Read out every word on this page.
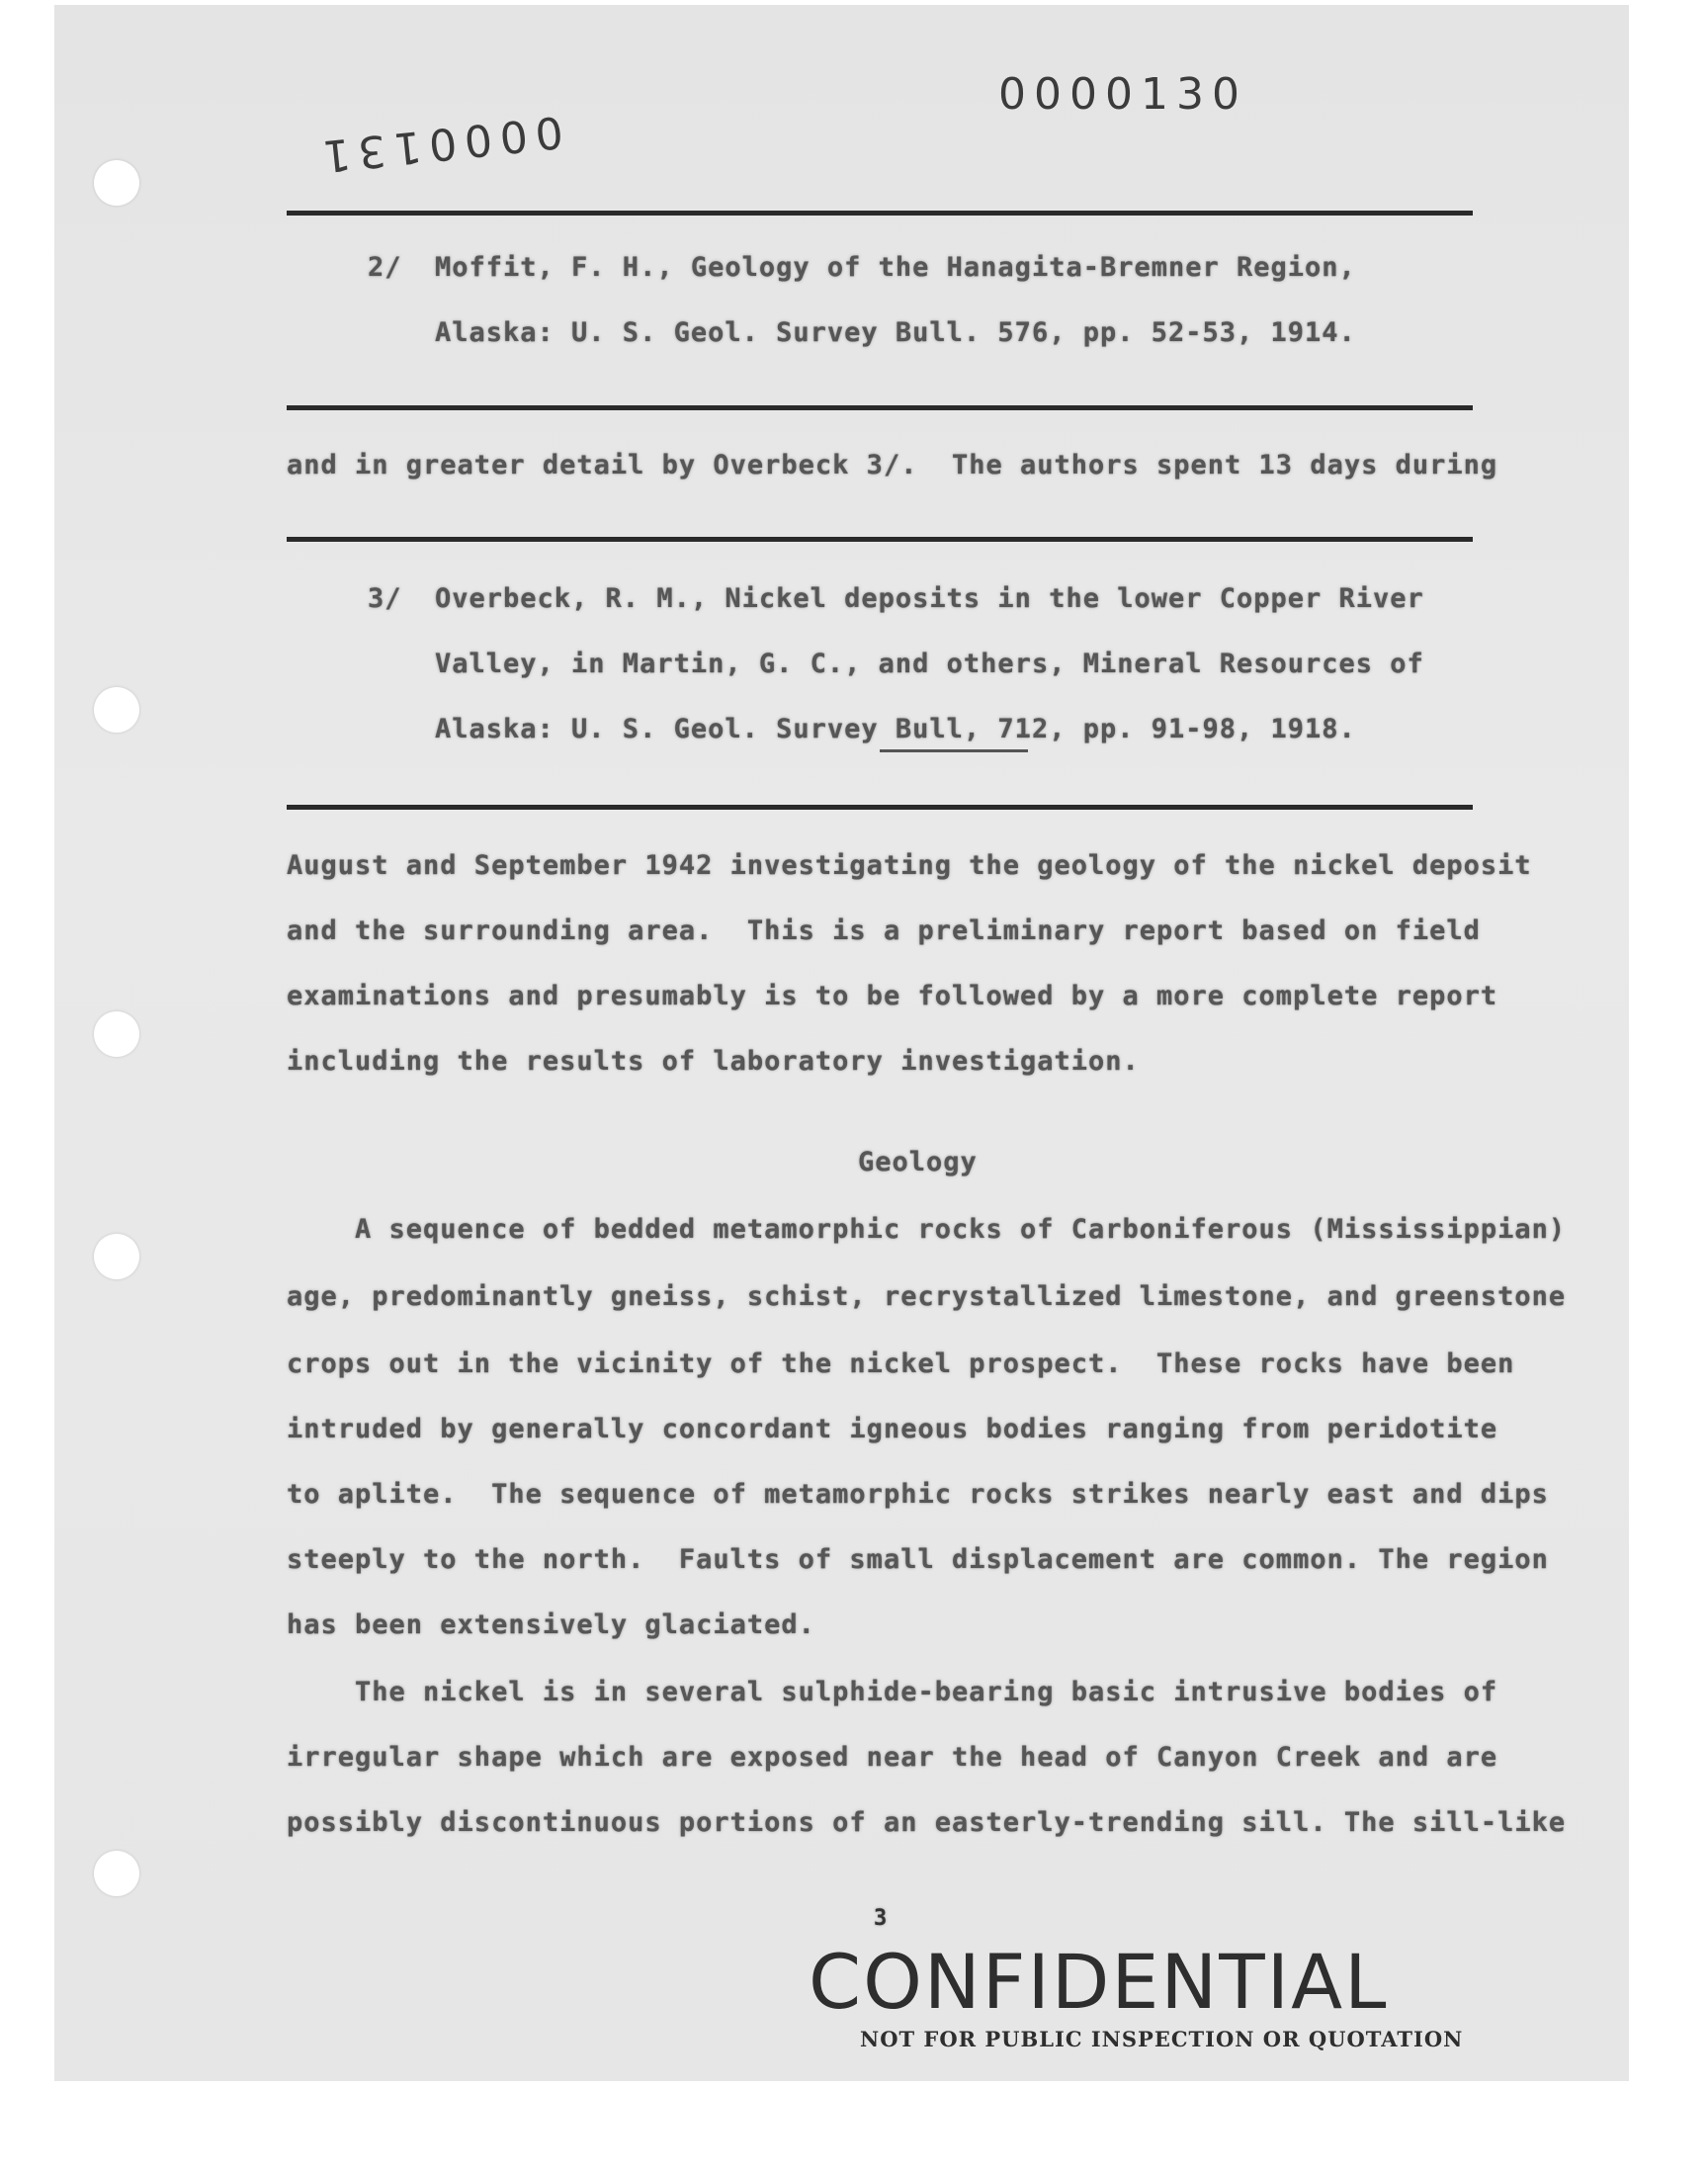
0000130
0000131
2/ Moffit, F. H., Geology of the Hanagita-Bremner Region,
Alaska: U. S. Geol. Survey Bull. 576, pp. 52-53, 1914.
and in greater detail by Overbeck 3/.  The authors spent 13 days during
3/ Overbeck, R. M., Nickel deposits in the lower Copper River
Valley, in Martin, G. C., and others, Mineral Resources of
Alaska: U. S. Geol. Survey Bull, 712, pp. 91-98, 1918.
August and September 1942 investigating the geology of the nickel deposit
and the surrounding area.  This is a preliminary report based on field
examinations and presumably is to be followed by a more complete report
including the results of laboratory investigation.
Geology
A sequence of bedded metamorphic rocks of Carboniferous (Mississippian)
age, predominantly gneiss, schist, recrystallized limestone, and greenstone
crops out in the vicinity of the nickel prospect.  These rocks have been
intruded by generally concordant igneous bodies ranging from peridotite
to aplite.  The sequence of metamorphic rocks strikes nearly east and dips
steeply to the north.  Faults of small displacement are common. The region
has been extensively glaciated.
The nickel is in several sulphide-bearing basic intrusive bodies of
irregular shape which are exposed near the head of Canyon Creek and are
possibly discontinuous portions of an easterly-trending sill. The sill-like
3
CONFIDENTIAL
NOT FOR PUBLIC INSPECTION OR QUOTATION
